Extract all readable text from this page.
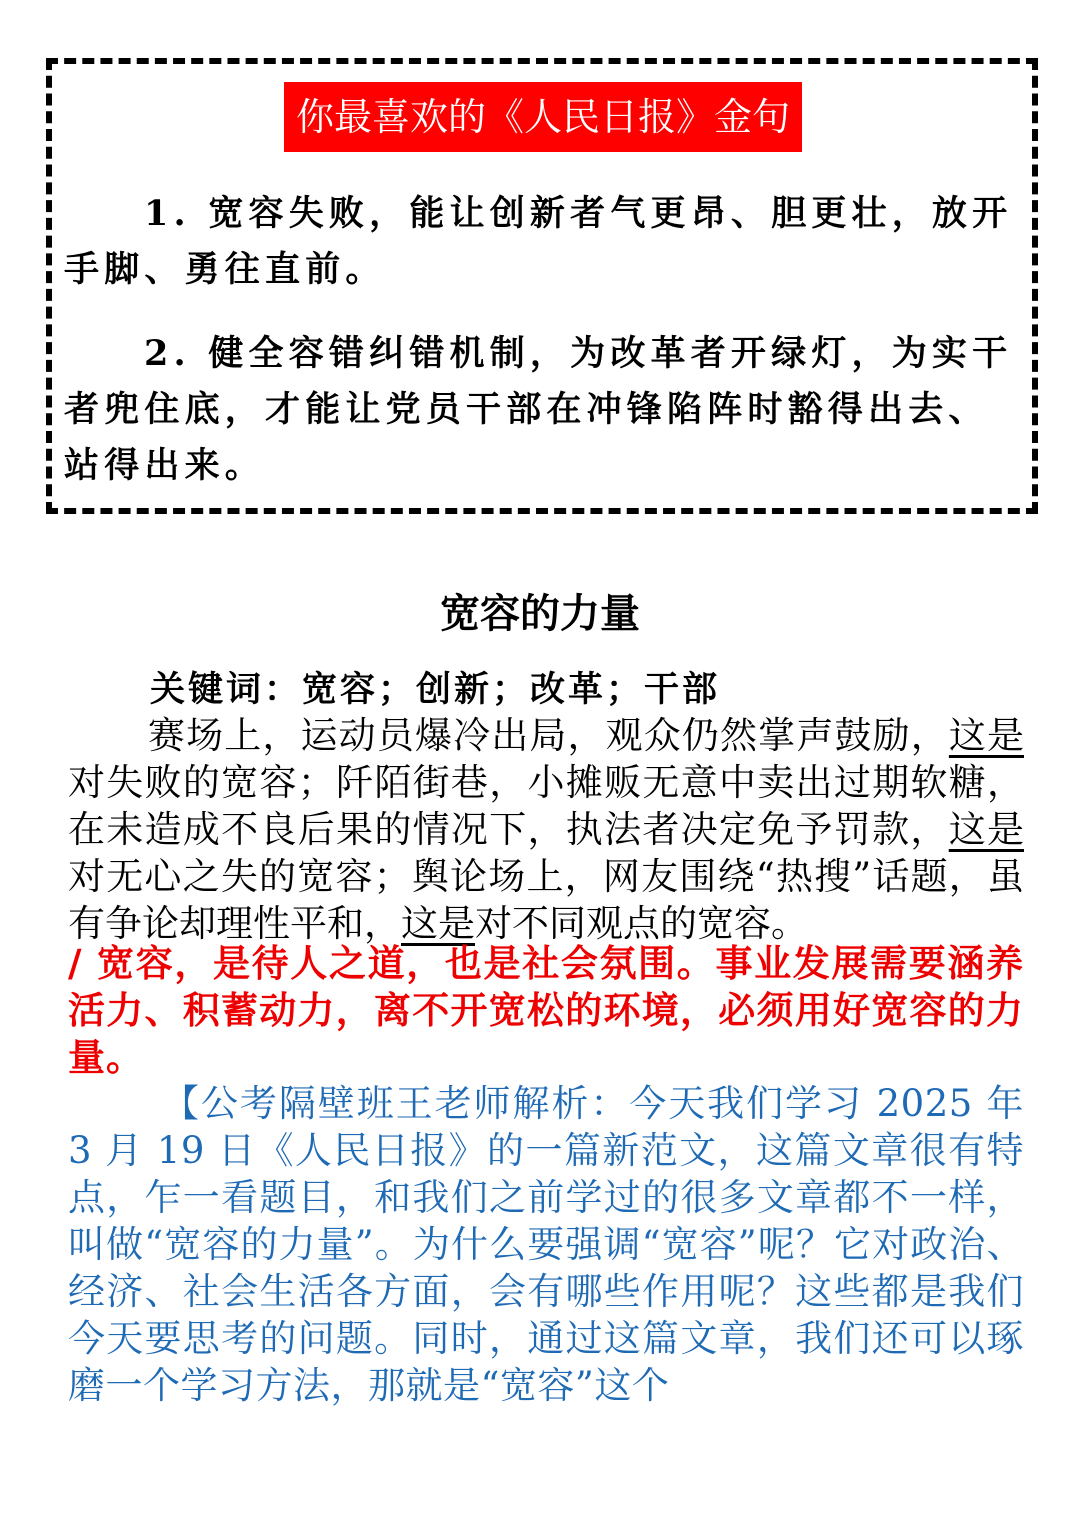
你最喜欢的《人民日报》金句
1. 宽容失败，能让创新者气更昂、胆更壮，放开手脚、勇往直前。
2. 健全容错纠错机制，为改革者开绿灯，为实干者兜住底，才能让党员干部在冲锋陷阵时豁得出去、站得出来。
宽容的力量
关键词：宽容；创新；改革；干部
赛场上，运动员爆冷出局，观众仍然掌声鼓励，这是对失败的宽容；阡陌街巷，小摊贩无意中卖出过期软糖，在未造成不良后果的情况下，执法者决定免予罚款，这是对无心之失的宽容；舆论场上，网友围绕“热搜”话题，虽有争论却理性平和，这是对不同观点的宽容。
/ 宽容，是待人之道，也是社会氛围。事业发展需要涵养活力、积蓄动力，离不开宽松的环境，必须用好宽容的力量。
【公考隔壁班王老师解析：今天我们学习 2025 年 3 月 19 日《人民日报》的一篇新范文，这篇文章很有特点，乍一看题目，和我们之前学过的很多文章都不一样，叫做“宽容的力量”。为什么要强调“宽容”呢？它对政治、经济、社会生活各方面，会有哪些作用呢？这些都是我们今天要思考的问题。同时，通过这篇文章，我们还可以琢磨一个学习方法，那就是“宽容”这个
